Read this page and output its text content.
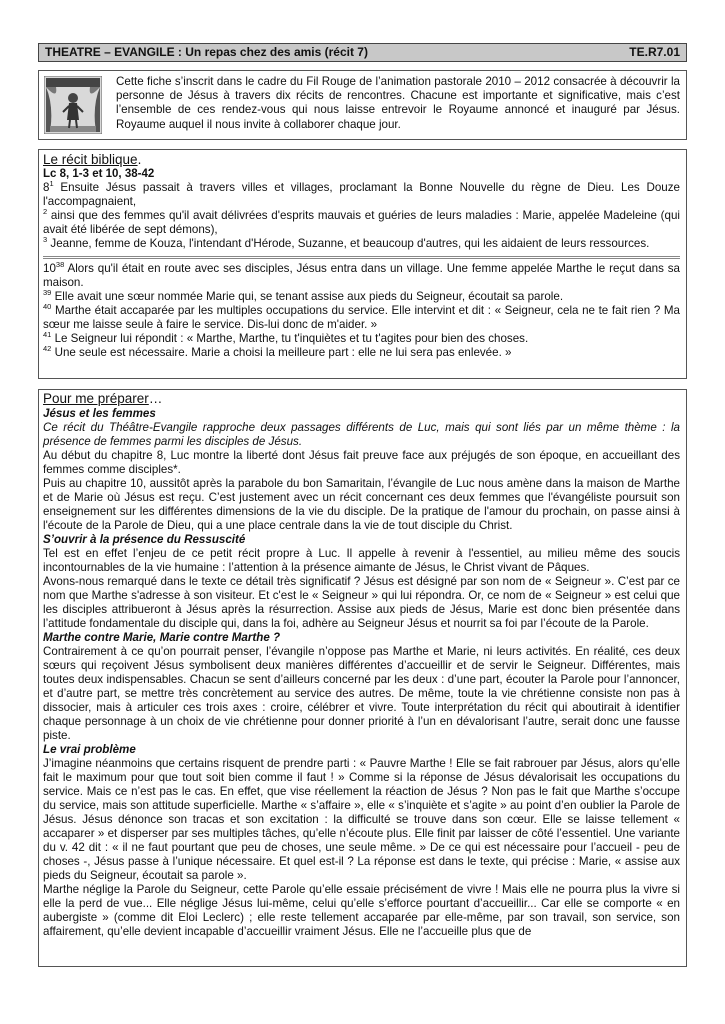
THEATRE – EVANGILE : Un repas chez des amis (récit 7)	TE.R7.01
Cette fiche s’inscrit dans le cadre du Fil Rouge de l’animation pastorale 2010 – 2012 consacrée à découvrir la personne de Jésus à travers dix récits de rencontres. Chacune est importante et significative, mais c’est l’ensemble de ces rendez-vous qui nous laisse entrevoir le Royaume annoncé et inauguré par Jésus. Royaume auquel il nous invite à collaborer chaque jour.
Le récit biblique.
Lc 8, 1-3 et 10, 38-42

$8^1$ Ensuite Jésus passait à travers villes et villages, proclamant la Bonne Nouvelle du règne de Dieu. Les Douze l'accompagnaient,

$^2$ ainsi que des femmes qu'il avait délivrées d'esprits mauvais et guéries de leurs maladies : Marie, appelée Madeleine (qui avait été libérée de sept démons),

$^3$ Jeanne, femme de Kouza, l'intendant d'Hérode, Suzanne, et beaucoup d'autres, qui les aidaient de leurs ressources.

$10^{38}$ Alors qu'il était en route avec ses disciples, Jésus entra dans un village. Une femme appelée Marthe le reçut dans sa maison.

$^{39}$ Elle avait une sœur nommée Marie qui, se tenant assise aux pieds du Seigneur, écoutait sa parole.

$^{40}$ Marthe était accaparée par les multiples occupations du service. Elle intervint et dit : « Seigneur, cela ne te fait rien ? Ma sœur me laisse seule à faire le service. Dis-lui donc de m'aider. »

$^{41}$ Le Seigneur lui répondit : « Marthe, Marthe, tu t'inquiètes et tu t'agites pour bien des choses.

$^{42}$ Une seule est nécessaire. Marie a choisi la meilleure part : elle ne lui sera pas enlevée. »

Pour me préparer…

Jésus et les femmes

Ce récit du Théâtre-Evangile rapproche deux passages différents de Luc, mais qui sont liés par un même thème : la présence de femmes parmi les disciples de Jésus.

Au début du chapitre 8, Luc montre la liberté dont Jésus fait preuve face aux préjugés de son époque, en accueillant des femmes comme disciples*.

Puis au chapitre 10, aussitôt après la parabole du bon Samaritain, l’évangile de Luc nous amène dans la maison de Marthe et de Marie où Jésus est reçu. C’est justement avec un récit concernant ces deux femmes que l'évangéliste poursuit son enseignement sur les différentes dimensions de la vie du disciple. De la pratique de l'amour du prochain, on passe ainsi à l'écoute de la Parole de Dieu, qui a une place centrale dans la vie de tout disciple du Christ.

S’ouvrir à la présence du Ressuscité

Tel est en effet l’enjeu de ce petit récit propre à Luc. Il appelle à revenir à l'essentiel, au milieu même des soucis incontournables de la vie humaine : l’attention à la présence aimante de Jésus, le Christ vivant de Pâques.

Avons-nous remarqué dans le texte ce détail très significatif ? Jésus est désigné par son nom de « Seigneur ». C’est par ce nom que Marthe s'adresse à son visiteur. Et c'est le « Seigneur » qui lui répondra. Or, ce nom de « Seigneur » est celui que les disciples attribueront à Jésus après la résurrection. Assise aux pieds de Jésus, Marie est donc bien présentée dans l’attitude fondamentale du disciple qui, dans la foi, adhère au Seigneur Jésus et nourrit sa foi par l’écoute de la Parole.

Marthe contre Marie, Marie contre Marthe ?

Contrairement à ce qu’on pourrait penser, l’évangile n’oppose pas Marthe et Marie, ni leurs activités. En réalité, ces deux sœurs qui reçoivent Jésus symbolisent deux manières différentes d’accueillir et de servir le Seigneur. Différentes, mais toutes deux indispensables. Chacun se sent d’ailleurs concerné par les deux : d’une part, écouter la Parole pour l’annoncer, et d’autre part, se mettre très concrètement au service des autres. De même, toute la vie chrétienne consiste non pas à dissocier, mais à articuler ces trois axes : croire, célébrer et vivre. Toute interprétation du récit qui aboutirait à identifier chaque personnage à un choix de vie chrétienne pour donner priorité à l’un en dévalorisant l’autre, serait donc une fausse piste.

Le vrai problème

J’imagine néanmoins que certains risquent de prendre parti : « Pauvre Marthe ! Elle se fait rabrouer par Jésus, alors qu’elle fait le maximum pour que tout soit bien comme il faut ! » Comme si la réponse de Jésus dévalorisait les occupations du service. Mais ce n’est pas le cas. En effet, que vise réellement la réaction de Jésus ? Non pas le fait que Marthe s’occupe du service, mais son attitude superficielle. Marthe « s’affaire », elle « s’inquiète et s’agite » au point d’en oublier la Parole de Jésus. Jésus dénonce son tracas et son excitation : la difficulté se trouve dans son cœur. Elle se laisse tellement « accaparer » et disperser par ses multiples tâches, qu’elle n’écoute plus. Elle finit par laisser de côté l’essentiel. Une variante du v. 42 dit : « il ne faut pourtant que peu de choses, une seule même. » De ce qui est nécessaire pour l’accueil - peu de choses -, Jésus passe à l’unique nécessaire. Et quel est-il ? La réponse est dans le texte, qui précise : Marie, « assise aux pieds du Seigneur, écoutait sa parole ».

Marthe néglige la Parole du Seigneur, cette Parole qu’elle essaie précisément de vivre ! Mais elle ne pourra plus la vivre si elle la perd de vue... Elle néglige Jésus lui-même, celui qu’elle s’efforce pourtant d’accueillir... Car elle se comporte « en aubergiste » (comme dit Eloi Leclerc) ; elle reste tellement accaparée par elle-même, par son travail, son service, son affairement, qu’elle devient incapable d’accueillir vraiment Jésus. Elle ne l’accueille plus que de
